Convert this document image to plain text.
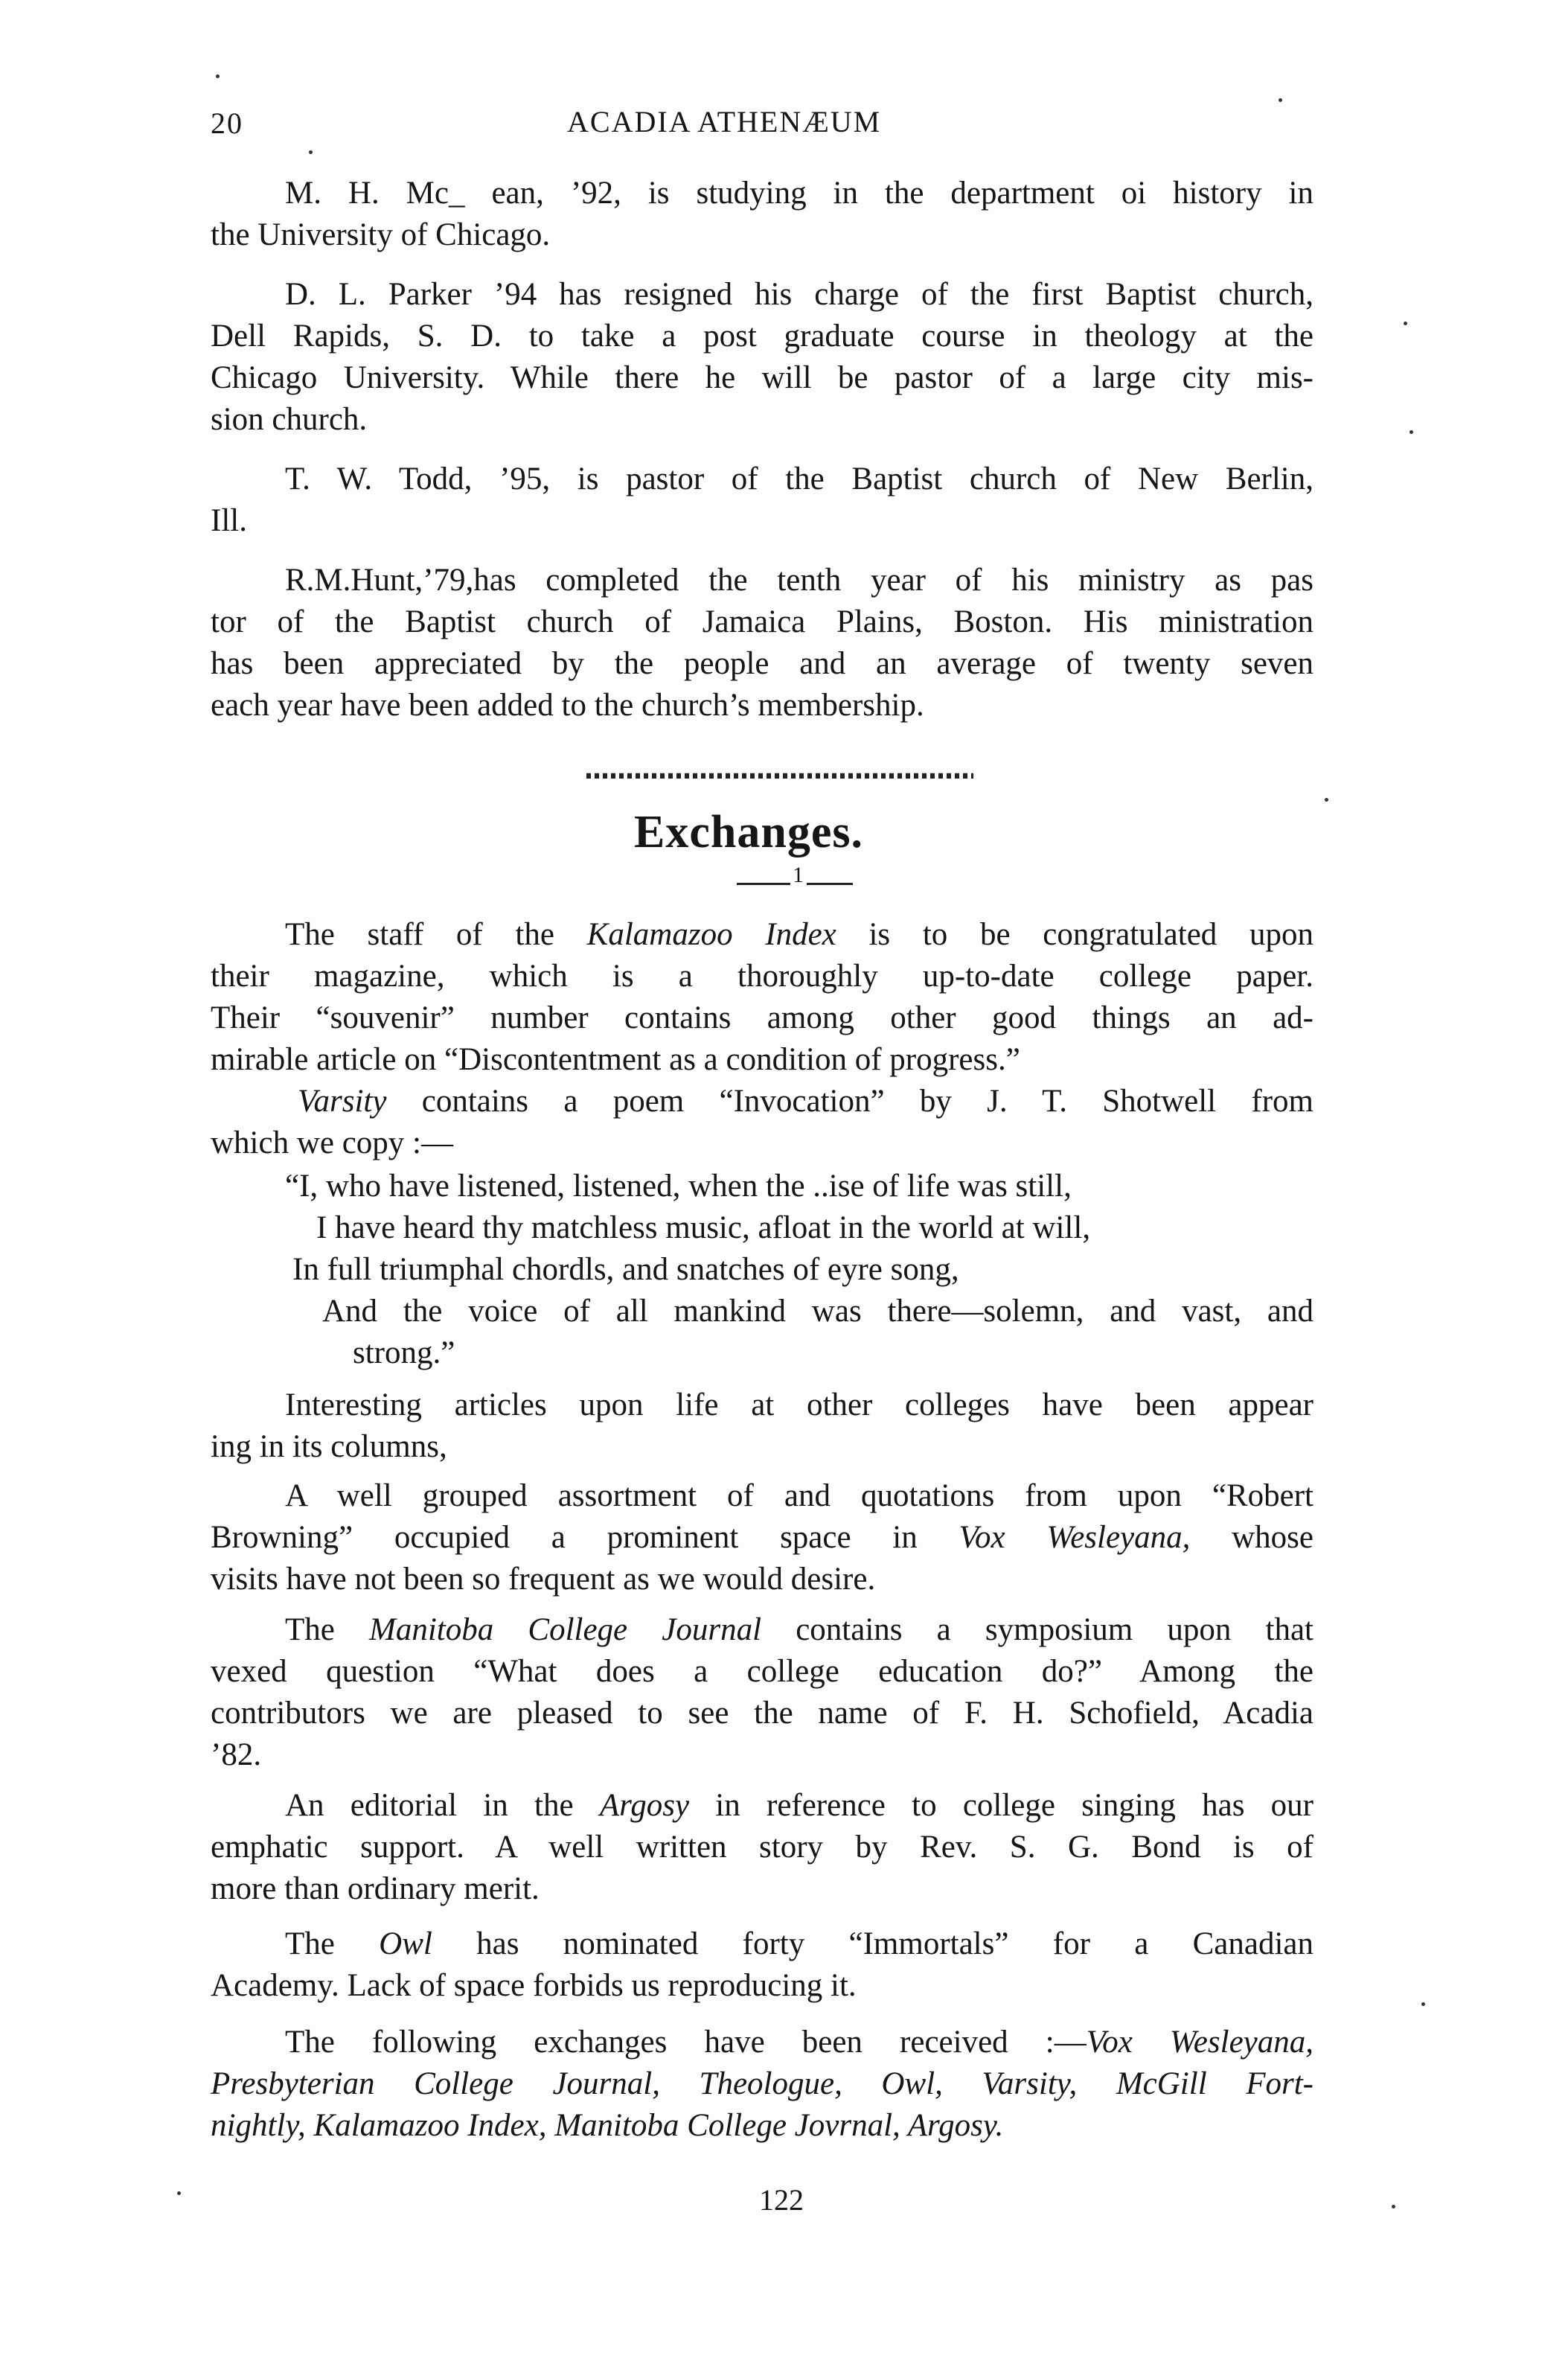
20	ACADIA ATHENÆUM
M. H. Mc_ ean, ’92, is studying in the department oi history in
the University of Chicago.
D. L. Parker ’94 has resigned his charge of the first Baptist church,
Dell Rapids, S. D. to take a post graduate course in theology at the
Chicago University. While there he will be pastor of a large city mis-
sion church.
T. W. Todd, ’95, is pastor of the Baptist church of New Berlin,
Ill.
R.M.Hunt,’79,has completed the tenth year of his ministry as pas
tor of the Baptist church of Jamaica Plains, Boston. His ministration
has been appreciated by the people and an average of twenty seven
each year have been added to the church’s membership.
Exchanges.
1
The staff of the Kalamazoo Index is to be congratulated upon
their magazine, which is a thoroughly up-to-date college paper.
Their “souvenir” number contains among other good things an ad-
mirable article on “Discontentment as a condition of progress.”
Varsity contains a poem “Invocation” by J. T. Shotwell from
which we copy :—
“I, who have listened, listened, when the ..ise of life was still,
I have heard thy matchless music, afloat in the world at will,
In full triumphal chordls, and snatches of eyre song,
And the voice of all mankind was there—solemn, and vast, and
strong.”
Interesting articles upon life at other colleges have been appear
ing in its columns,
A well grouped assortment of and quotations from upon “Robert
Browning” occupied a prominent space in Vox Wesleyana, whose
visits have not been so frequent as we would desire.
The Manitoba College Journal contains a symposium upon that
vexed question “What does a college education do?” Among the
contributors we are pleased to see the name of F. H. Schofield, Acadia
’82.
An editorial in the Argosy in reference to college singing has our
emphatic support. A well written story by Rev. S. G. Bond is of
more than ordinary merit.
The Owl has nominated forty “Immortals” for a Canadian
Academy. Lack of space forbids us reproducing it.
The following exchanges have been received :—Vox Wesleyana,
Presbyterian College Journal, Theologue, Owl, Varsity, McGill Fort-
nightly, Kalamazoo Index, Manitoba College Jovrnal, Argosy.
122
